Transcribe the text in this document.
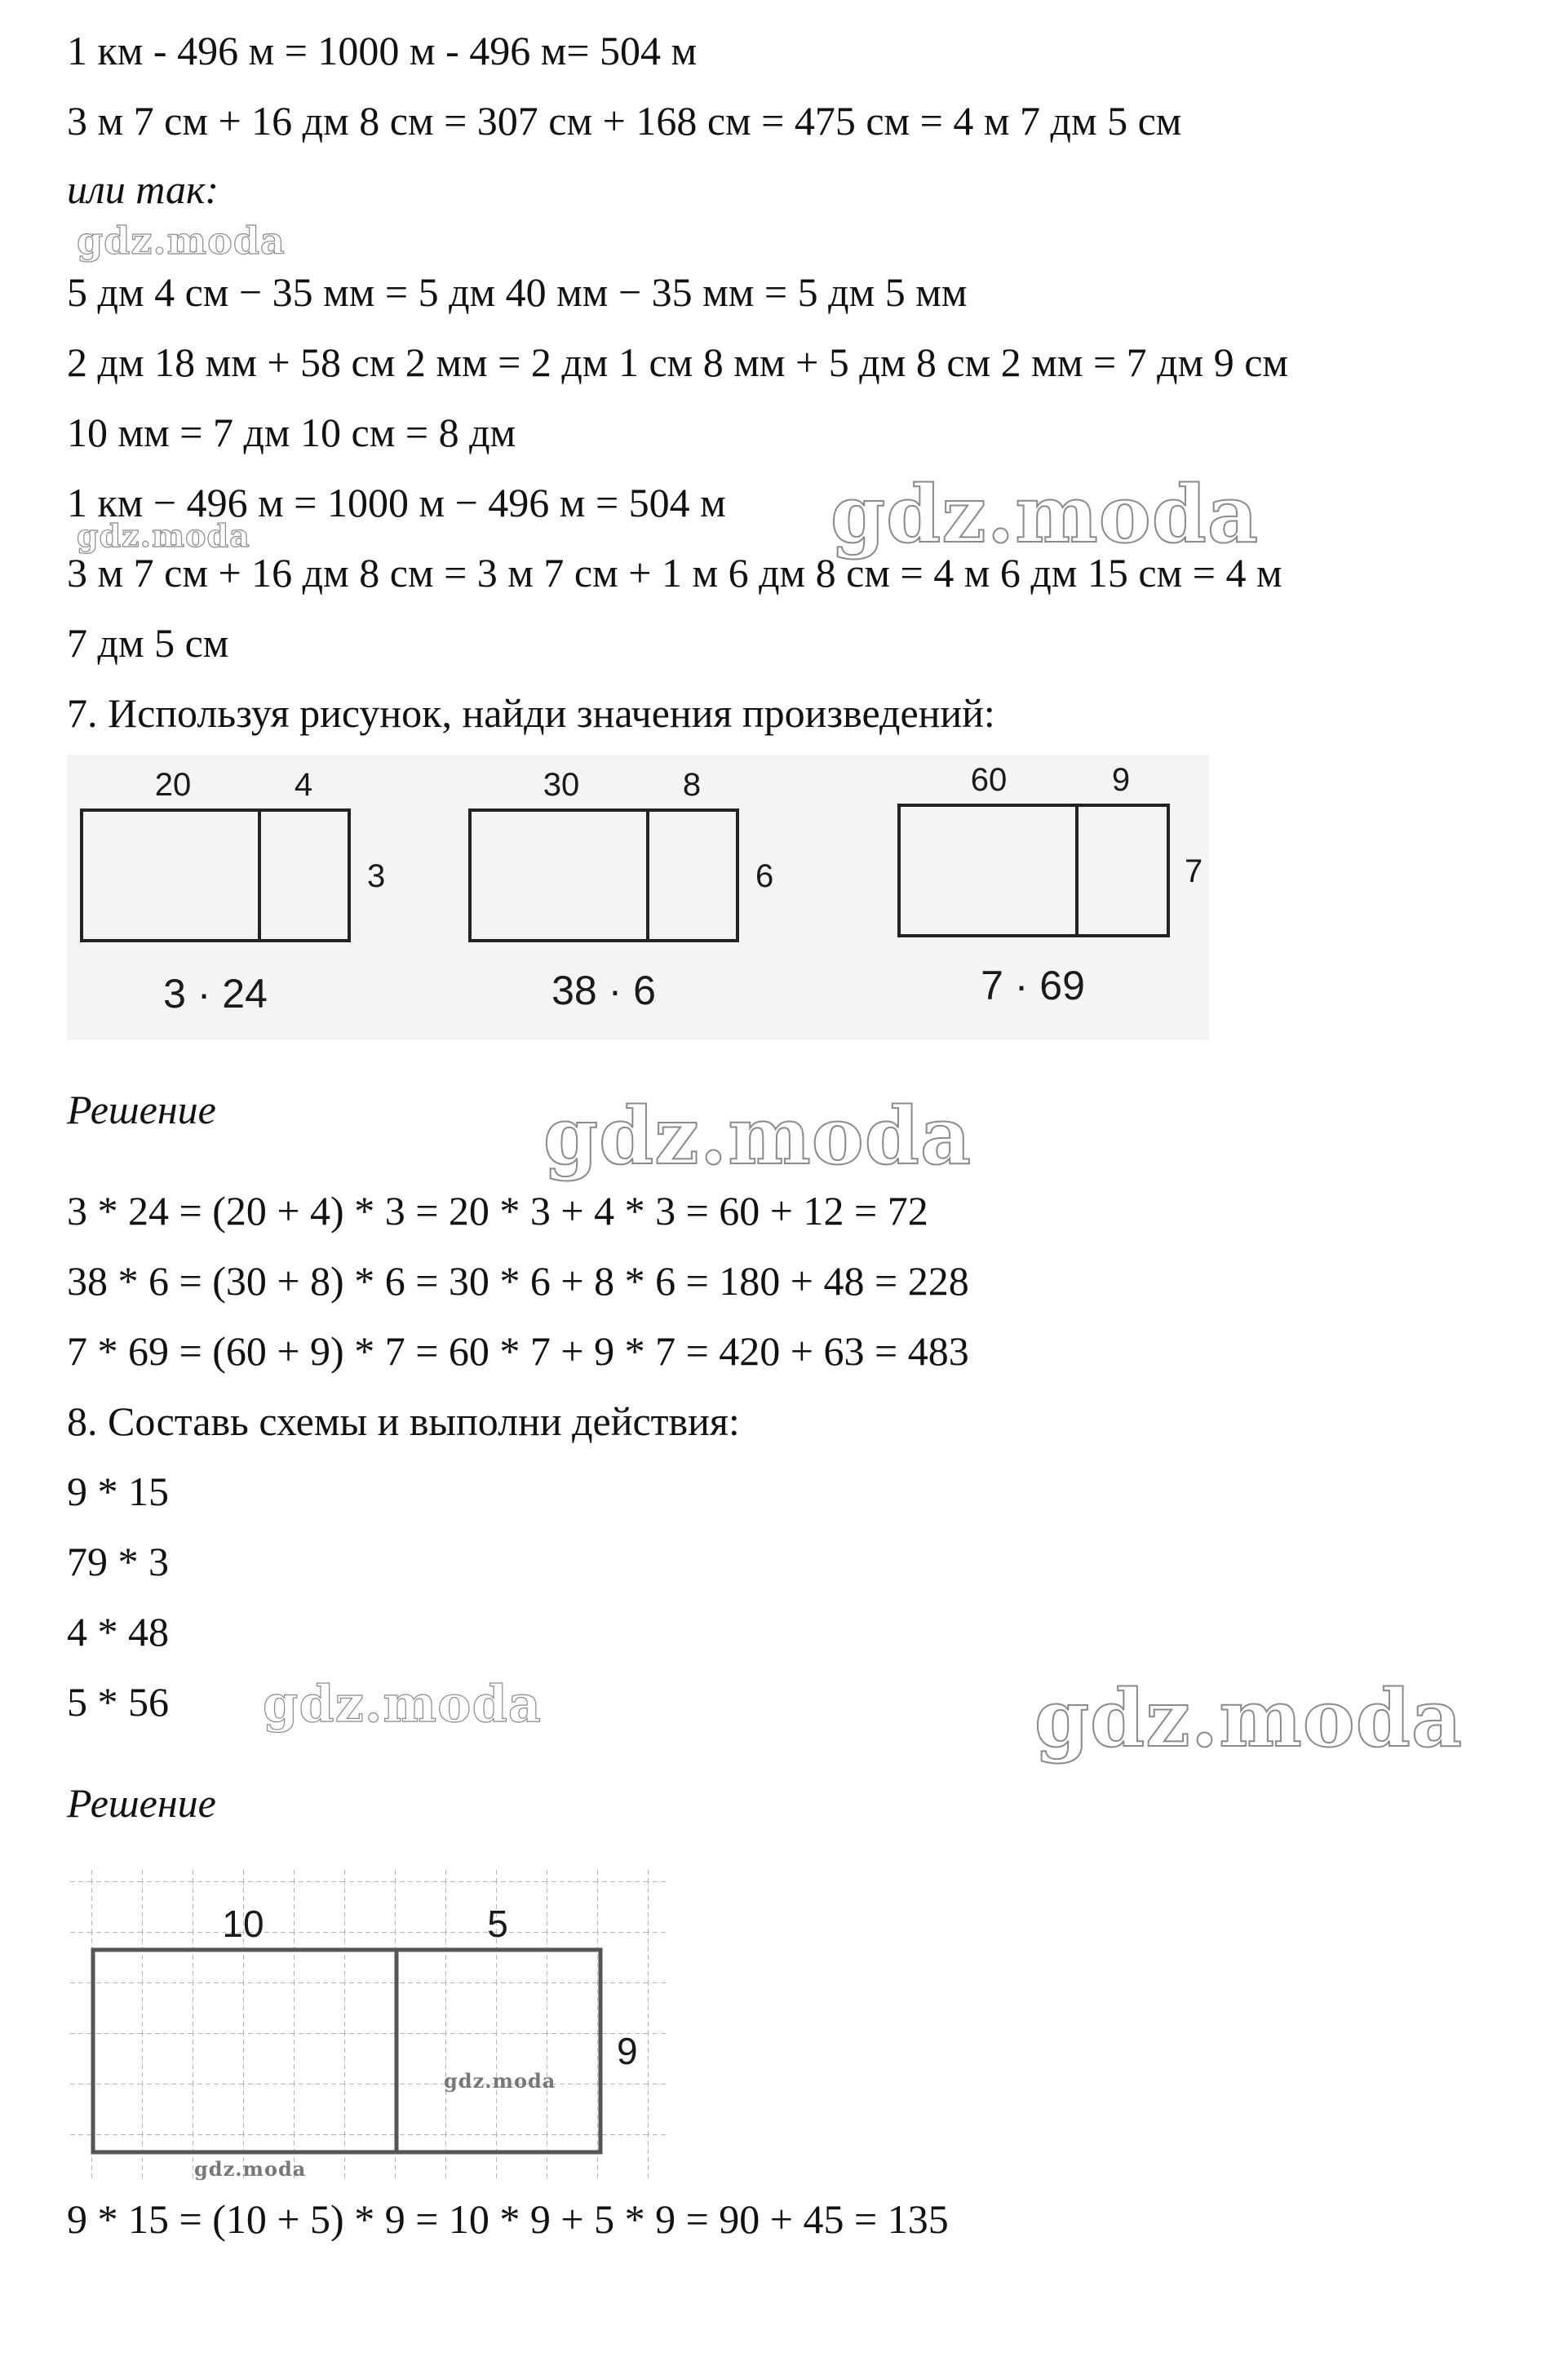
1 км - 496 м = 1000 м - 496 м= 504 м
3 м 7 см + 16 дм 8 см = 307 см + 168 см = 475 см = 4 м 7 дм 5 см
или так:
5 дм 4 см − 35 мм = 5 дм 40 мм − 35 мм = 5 дм 5 мм
2 дм 18 мм + 58 см 2 мм = 2 дм 1 см 8 мм + 5 дм 8 см 2 мм = 7 дм 9 см
10 мм = 7 дм 10 см = 8 дм
1 км − 496 м = 1000 м − 496 м = 504 м
3 м 7 см + 16 дм 8 см = 3 м 7 см + 1 м 6 дм 8 см = 4 м 6 дм 15 см = 4 м
7 дм 5 см
7. Используя рисунок, найди значения произведений:
20	4
3
3 · 24
30	8
6
38 · 6
60	9
7
7 · 69
Решение
3 * 24 = (20 + 4) * 3 = 20 * 3 + 4 * 3 = 60 + 12 = 72
38 * 6 = (30 + 8) * 6 = 30 * 6 + 8 * 6 = 180 + 48 = 228
7 * 69 = (60 + 9) * 7 = 60 * 7 + 9 * 7 = 420 + 63 = 483
8. Составь схемы и выполни действия:
9 * 15
79 * 3
4 * 48
5 * 56
Решение
10	5
9
9 * 15 = (10 + 5) * 9 = 10 * 9 + 5 * 9 = 90 + 45 = 135
gdz.moda
gdz.moda
gdz.moda
gdz.moda
gdz.moda	gdz.moda
gdz.moda
gdz.moda
